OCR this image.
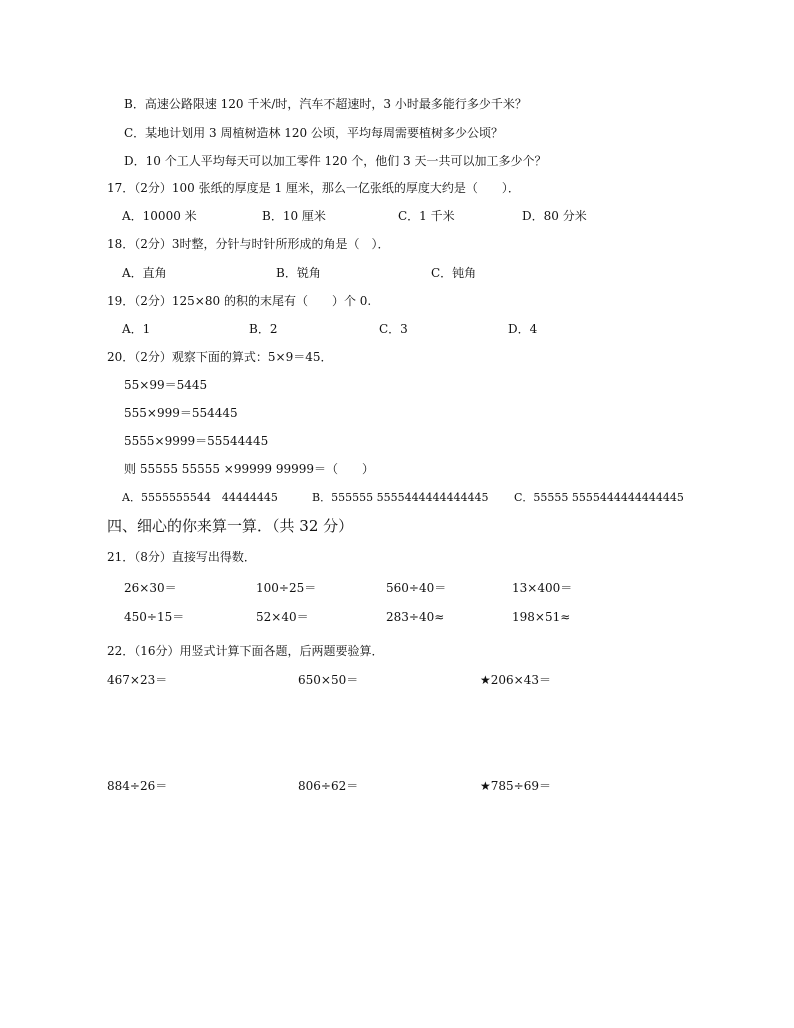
B．高速公路限速 120 千米/时，汽车不超速时，3 小时最多能行多少千米？
C．某地计划用 3 周植树造林 120 公顷，平均每周需要植树多少公顷？
D．10 个工人平均每天可以加工零件 120 个，他们 3 天一共可以加工多少个？
17．（2分）100 张纸的厚度是 1 厘米，那么一亿张纸的厚度大约是（　　）．
A．10000 米	B．10 厘米	C．1 千米	D．80 分米
18．（2分）3时整，分针与时针所形成的角是（　）．
A．直角	B．锐角	C．钝角
19．（2分）125×80 的积的末尾有（　　）个 0.
A．1	B．2	C．3	D．4
20．（2分）观察下面的算式：5×9＝45．
55×99＝5445
555×999＝554445
5555×9999＝55544445
则 55555 55555 ×99999 99999＝（　　）
A．5555555544　44444445	B．555555 5555444444444445 C．55555 5555444444444445
四、细心的你来算一算．（共 32 分）
21．（8分）直接写出得数．
26×30＝	100÷25＝	560÷40＝	13×400＝
450÷15＝	52×40＝	283÷40≈	198×51≈
22．（16分）用竖式计算下面各题，后两题要验算．
467×23＝	650×50＝	★206×43＝
884÷26＝	806÷62＝	★785÷69＝
